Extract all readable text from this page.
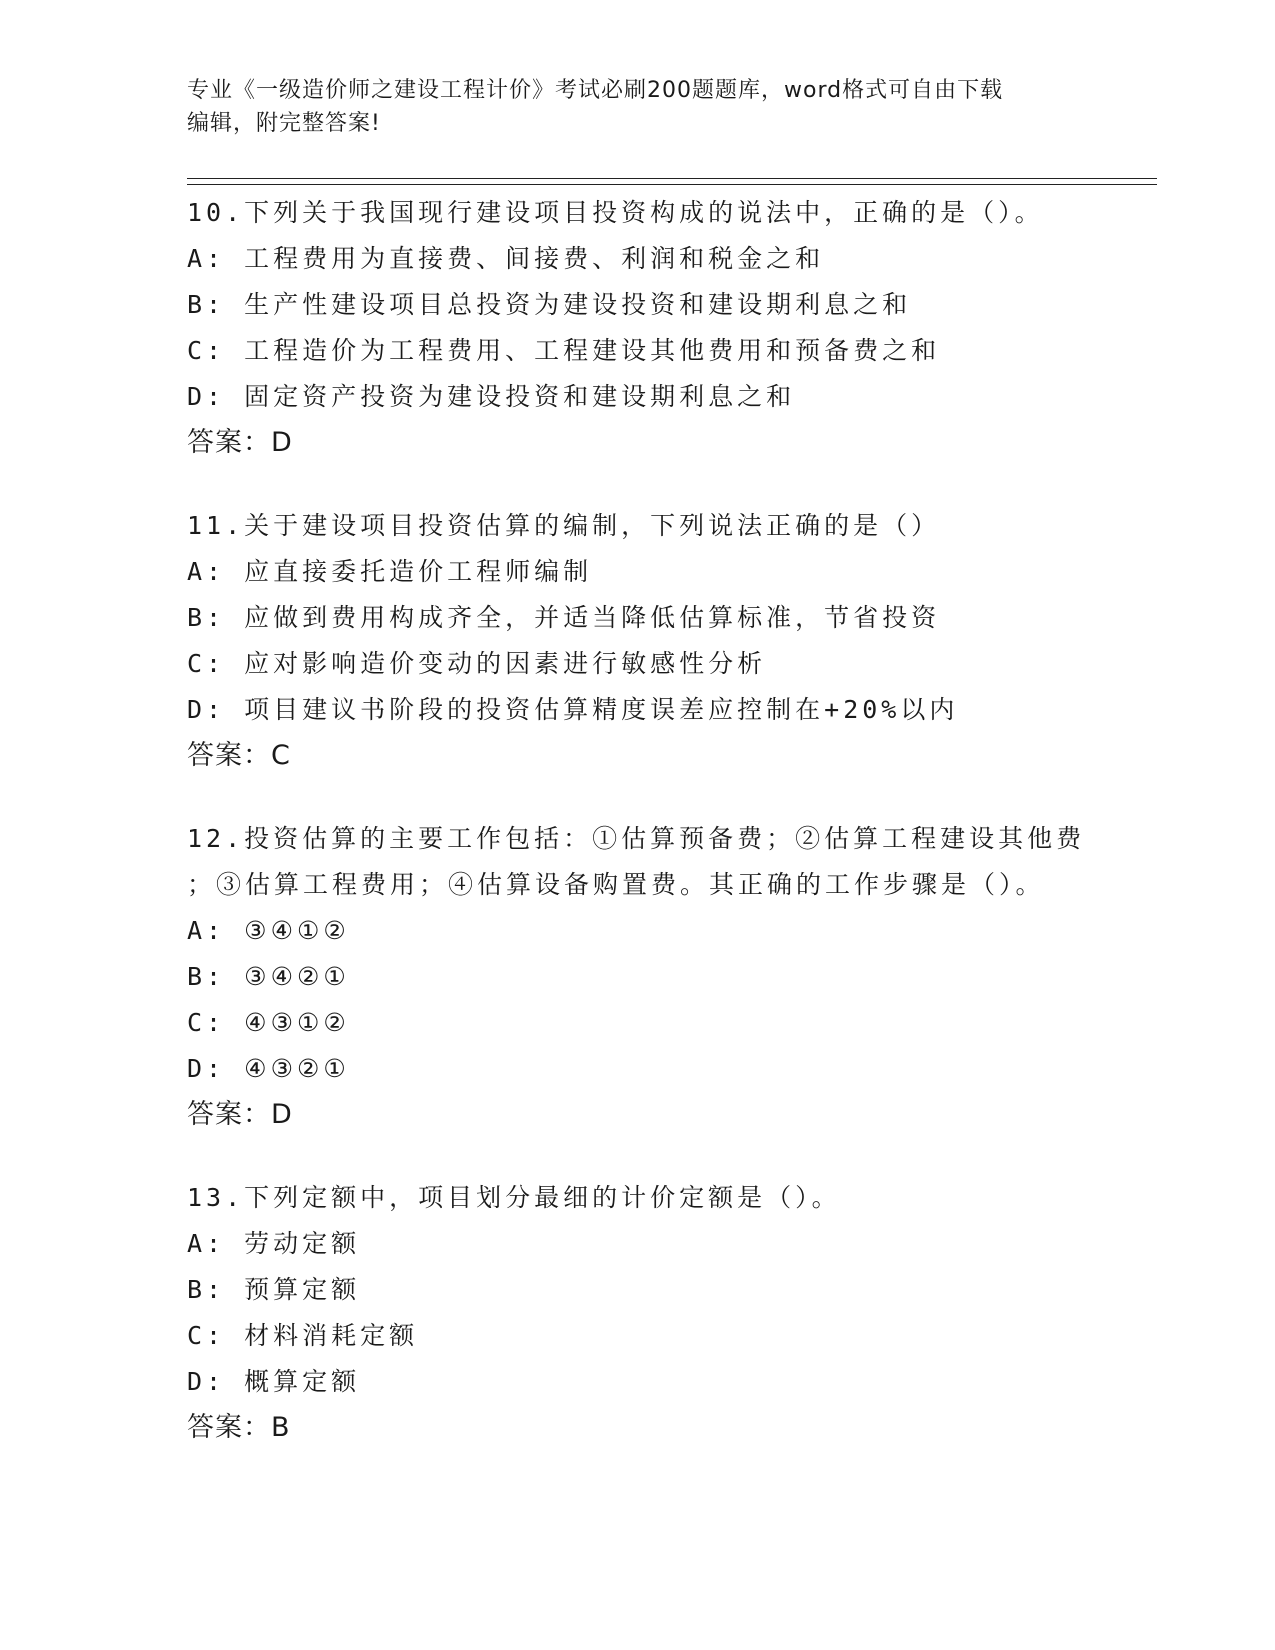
专业《一级造价师之建设工程计价》考试必刷200题题库，word格式可自由下载
编辑，附完整答案!
10.下列关于我国现行建设项目投资构成的说法中，正确的是（）。
A: 工程费用为直接费、间接费、利润和税金之和
B: 生产性建设项目总投资为建设投资和建设期利息之和
C: 工程造价为工程费用、工程建设其他费用和预备费之和
D: 固定资产投资为建设投资和建设期利息之和
答案：D
11.关于建设项目投资估算的编制，下列说法正确的是（）
A: 应直接委托造价工程师编制
B: 应做到费用构成齐全，并适当降低估算标准，节省投资
C: 应对影响造价变动的因素进行敏感性分析
D: 项目建议书阶段的投资估算精度误差应控制在+20%以内
答案：C
12.投资估算的主要工作包括：①估算预备费；②估算工程建设其他费
；③估算工程费用；④估算设备购置费。其正确的工作步骤是（）。
A: ③④①②
B: ③④②①
C: ④③①②
D: ④③②①
答案：D
13.下列定额中，项目划分最细的计价定额是（）。
A: 劳动定额
B: 预算定额
C: 材料消耗定额
D: 概算定额
答案：B
